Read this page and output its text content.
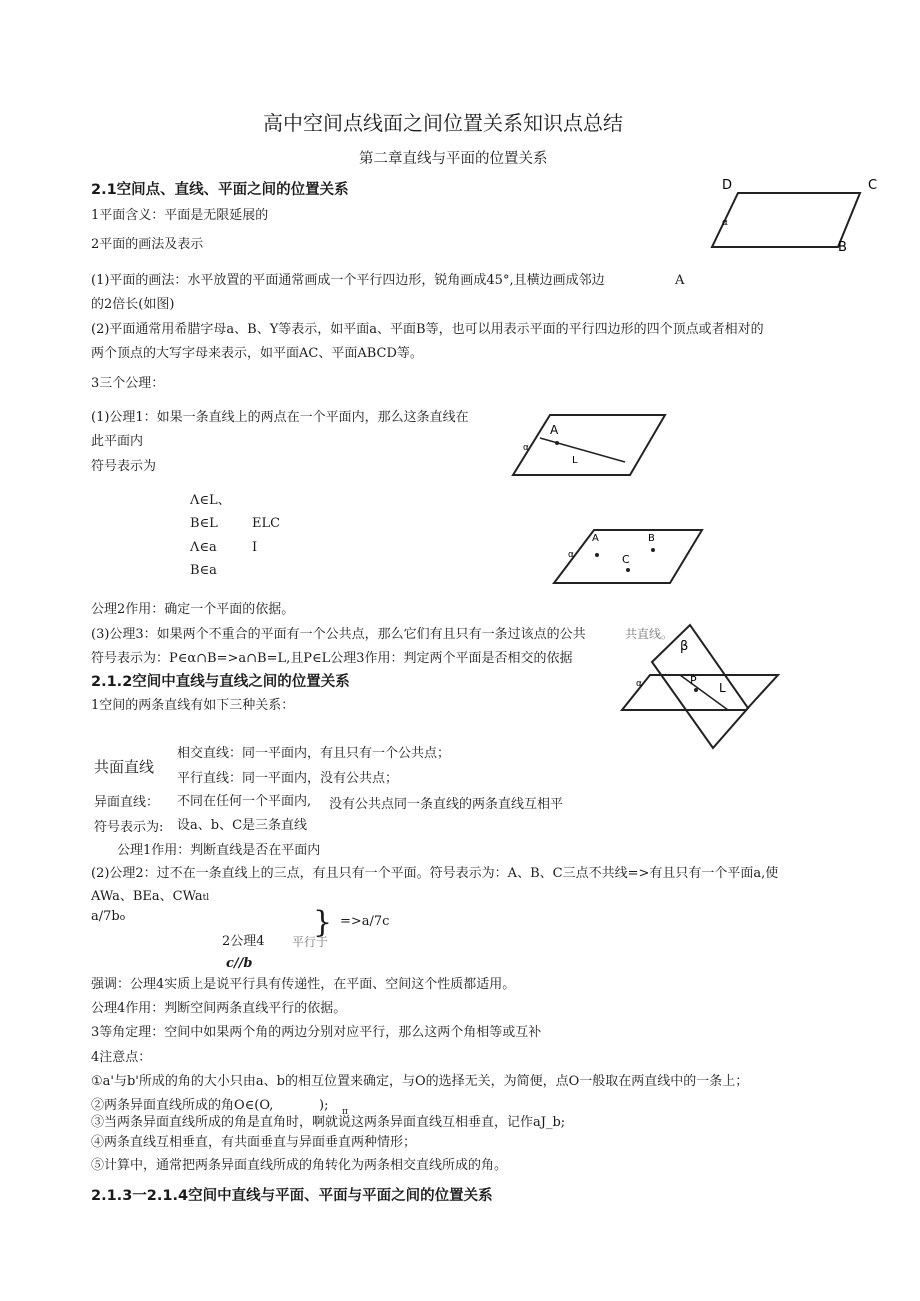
高中空间点线面之间位置关系知识点总结
第二章直线与平面的位置关系
2.1空间点、直线、平面之间的位置关系
1平面含义：平面是无限延展的
2平面的画法及表示
(1)平面的画法：水平放置的平面通常画成一个平行四边形，锐角画成45°,且横边画成邻边	A
的2倍长(如图)
(2)平面通常用希腊字母a、B、Y等表示，如平面a、平面B等，也可以用表示平面的平行四边形的四个顶点或者相对的
两个顶点的大写字母来表示，如平面AC、平面ABCD等。
3三个公理：
(1)公理1：如果一条直线上的两点在一个平面内，那么这条直线在
此平面内
符号表示为
Λ∈L、
B∈L	ELC
Λ∈a	I
B∈a
公理2作用：确定一个平面的依据。
(3)公理3：如果两个不重合的平面有一个公共点，那么它们有且只有一条过该点的公共	共直线。
符号表示为：P∈α∩B=>a∩B=L,且P∈L公理3作用：判定两个平面是否相交的依据
2.1.2空间中直线与直线之间的位置关系
1空间的两条直线有如下三种关系：
共面直线
相交直线：同一平面内，有且只有一个公共点；
平行直线：同一平面内，没有公共点；
异面直线： 不同在任何一个平面内, 没有公共点同一条直线的两条直线互相平
符号表示为: 设a、b、C是三条直线
公理1作用：判断直线是否在平面内
(2)公理2：过不在一条直线上的三点，有且只有一个平面。符号表示为：A、B、C三点不共线=>有且只有一个平面a,使
AWa、BEa、CWatl
a∕7bo
2公理4 平行于
} =>a∕7c
c∕∕b
强调：公理4实质上是说平行具有传递性，在平面、空间这个性质都适用。
公理4作用：判断空间两条直线平行的依据。
3等角定理：空间中如果两个角的两边分别对应平行，那么这两个角相等或互补
4注意点：
①a'与b'所成的角的大小只由a、b的相互位置来确定，与O的选择无关，为简便，点O一般取在两直线中的一条上；
②两条异面直线所成的角O∈(O,	); π
③当两条异面直线所成的角是直角时，啊就说这两条异面直线互相垂直，记作aJ_b;
④两条直线互相垂直，有共面垂直与异面垂直两种情形；
⑤计算中，通常把两条异面直线所成的角转化为两条相交直线所成的角。
2.1.3一2.1.4空间中直线与平面、平面与平面之间的位置关系
D	C
B
α
A
L
α
A	B
C
α
β
α	P
L
